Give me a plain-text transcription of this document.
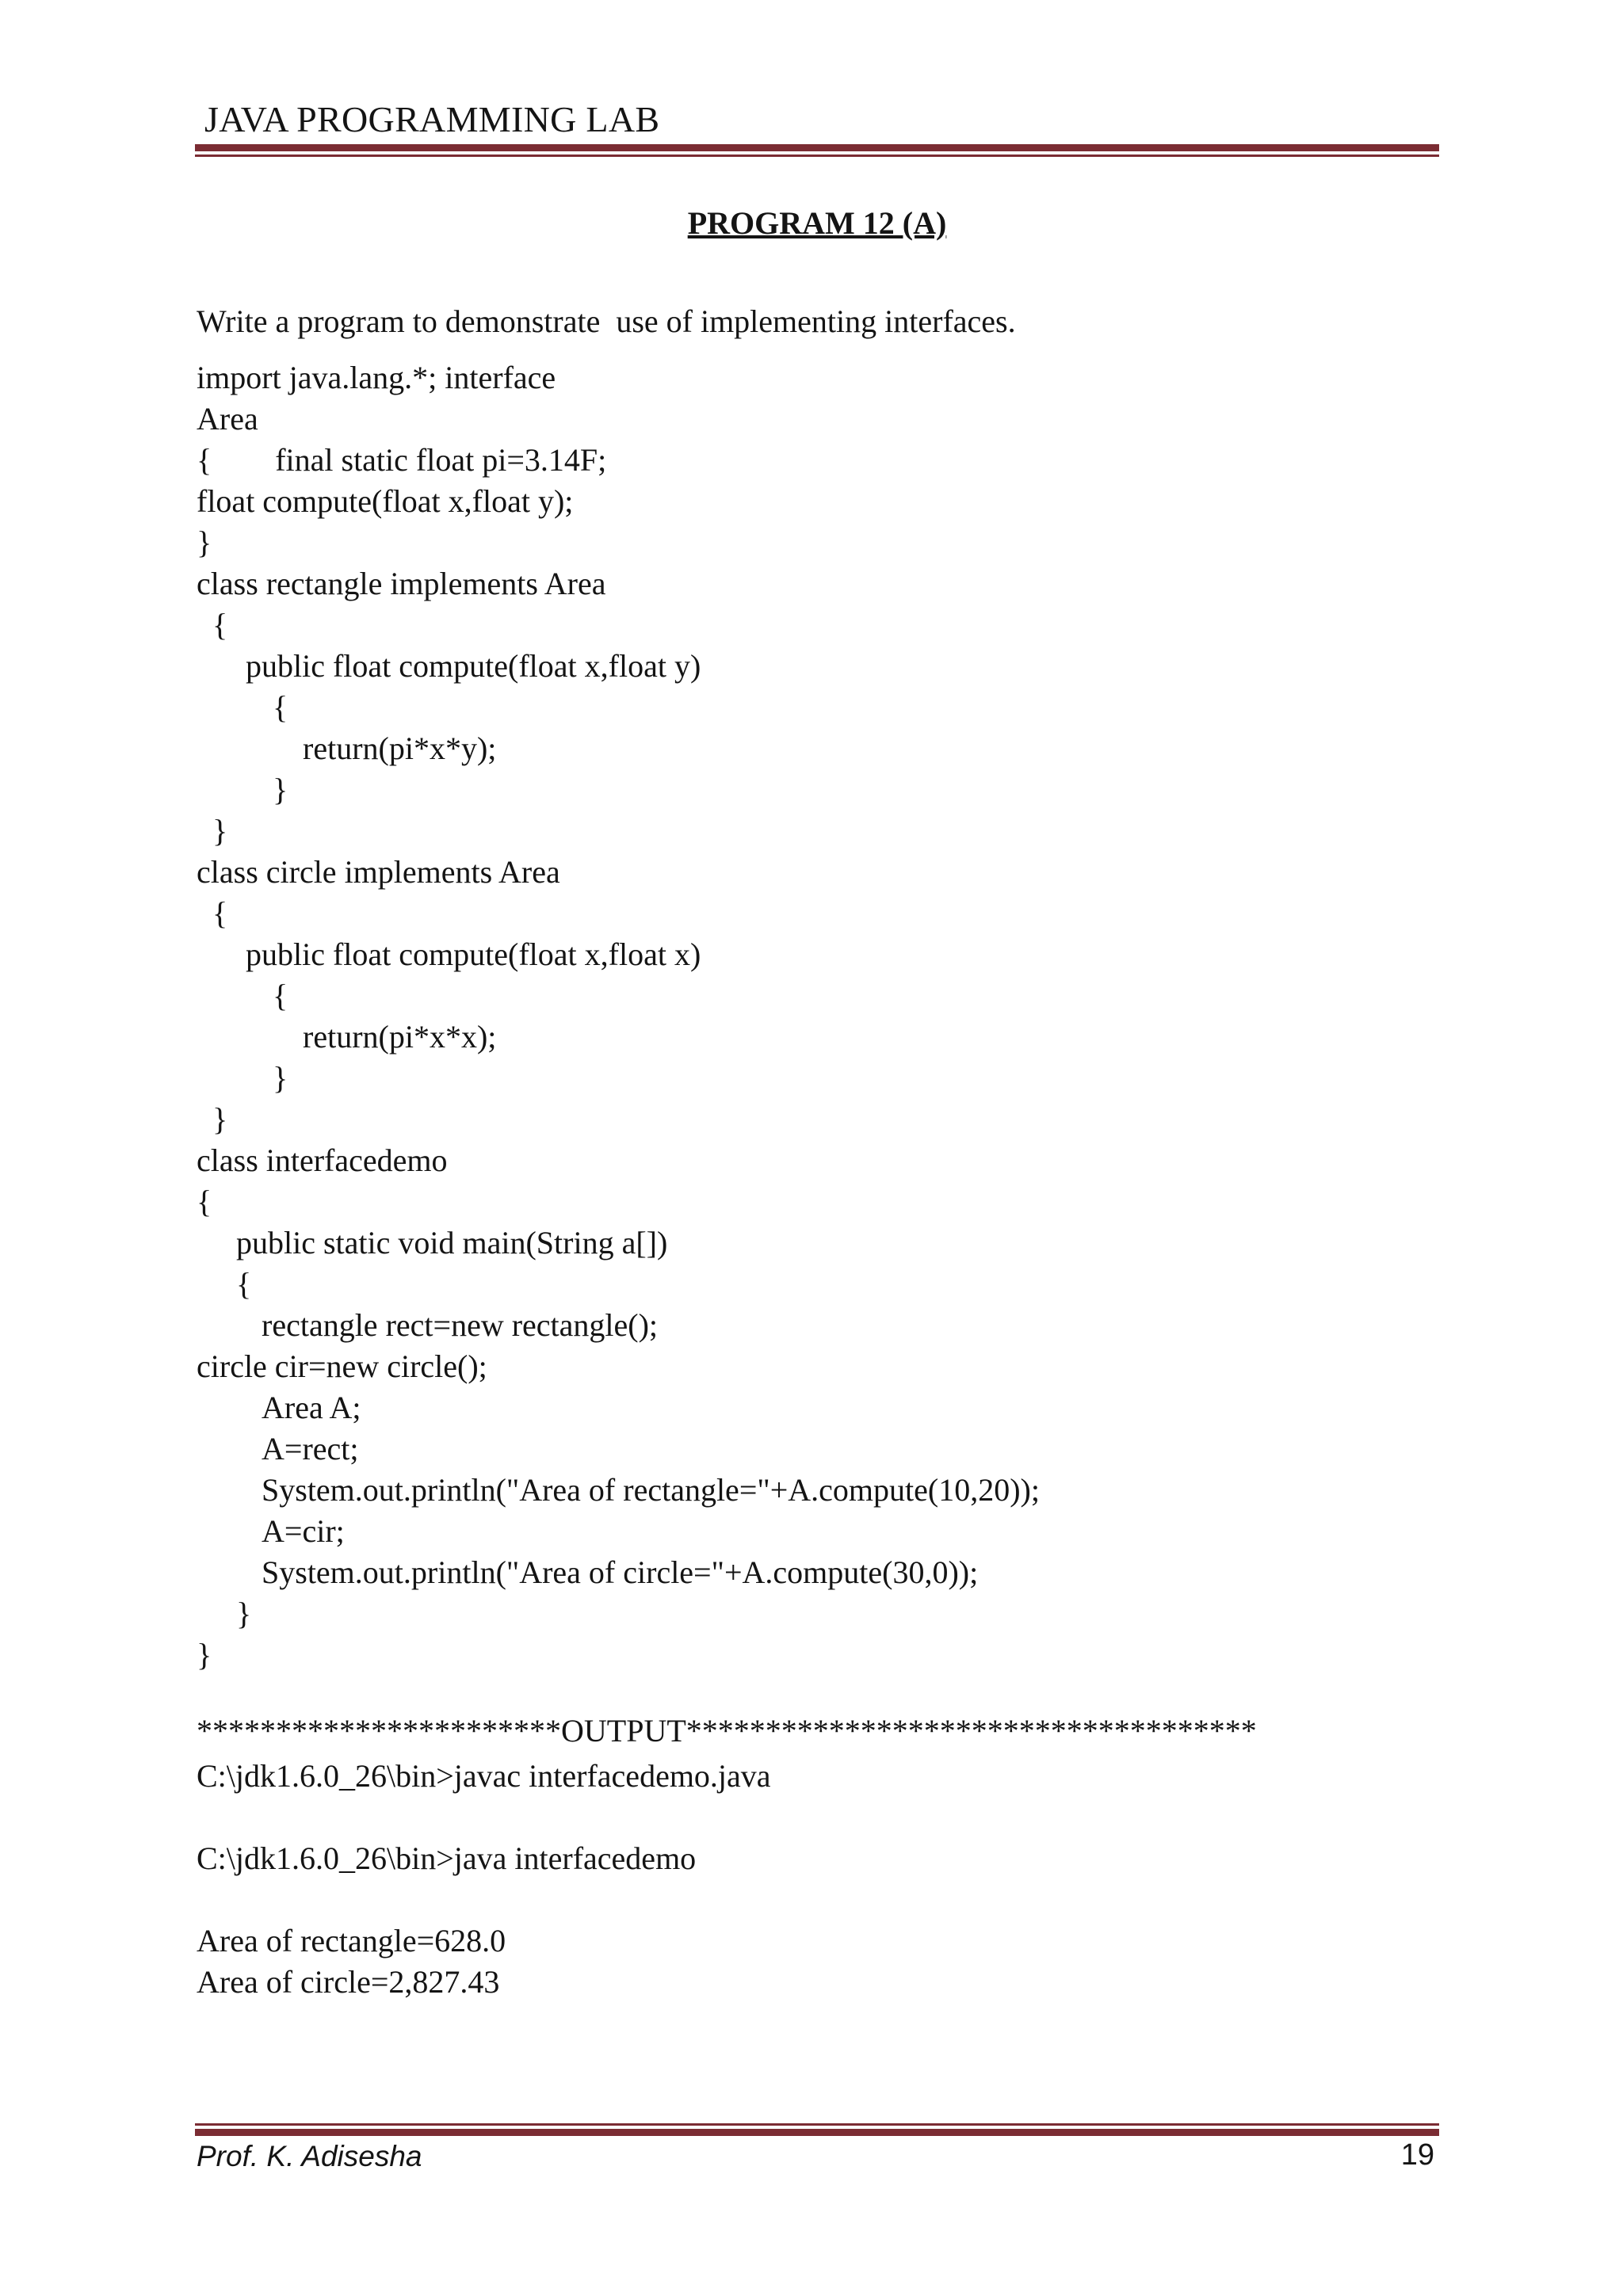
JAVA PROGRAMMING LAB
PROGRAM 12 (A)
Write a program to demonstrate  use of implementing interfaces.
import java.lang.*; interface
Area
{        final static float pi=3.14F;
float compute(float x,float y);
}
class rectangle implements Area
{
public float compute(float x,float y)
{
return(pi*x*y);
}
}
class circle implements Area
{
public float compute(float x,float x)
{
return(pi*x*x);
}
}
class interfacedemo
{
public static void main(String a[])
{
rectangle rect=new rectangle();
circle cir=new circle();
Area A;
A=rect;
System.out.println("Area of rectangle="+A.compute(10,20));
A=cir;
System.out.println("Area of circle="+A.compute(30,0));
}
}
***********************OUTPUT************************************
C:\jdk1.6.0_26\bin>javac interfacedemo.java
C:\jdk1.6.0_26\bin>java interfacedemo
Area of rectangle=628.0
Area of circle=2,827.43
Prof. K. Adisesha	19
